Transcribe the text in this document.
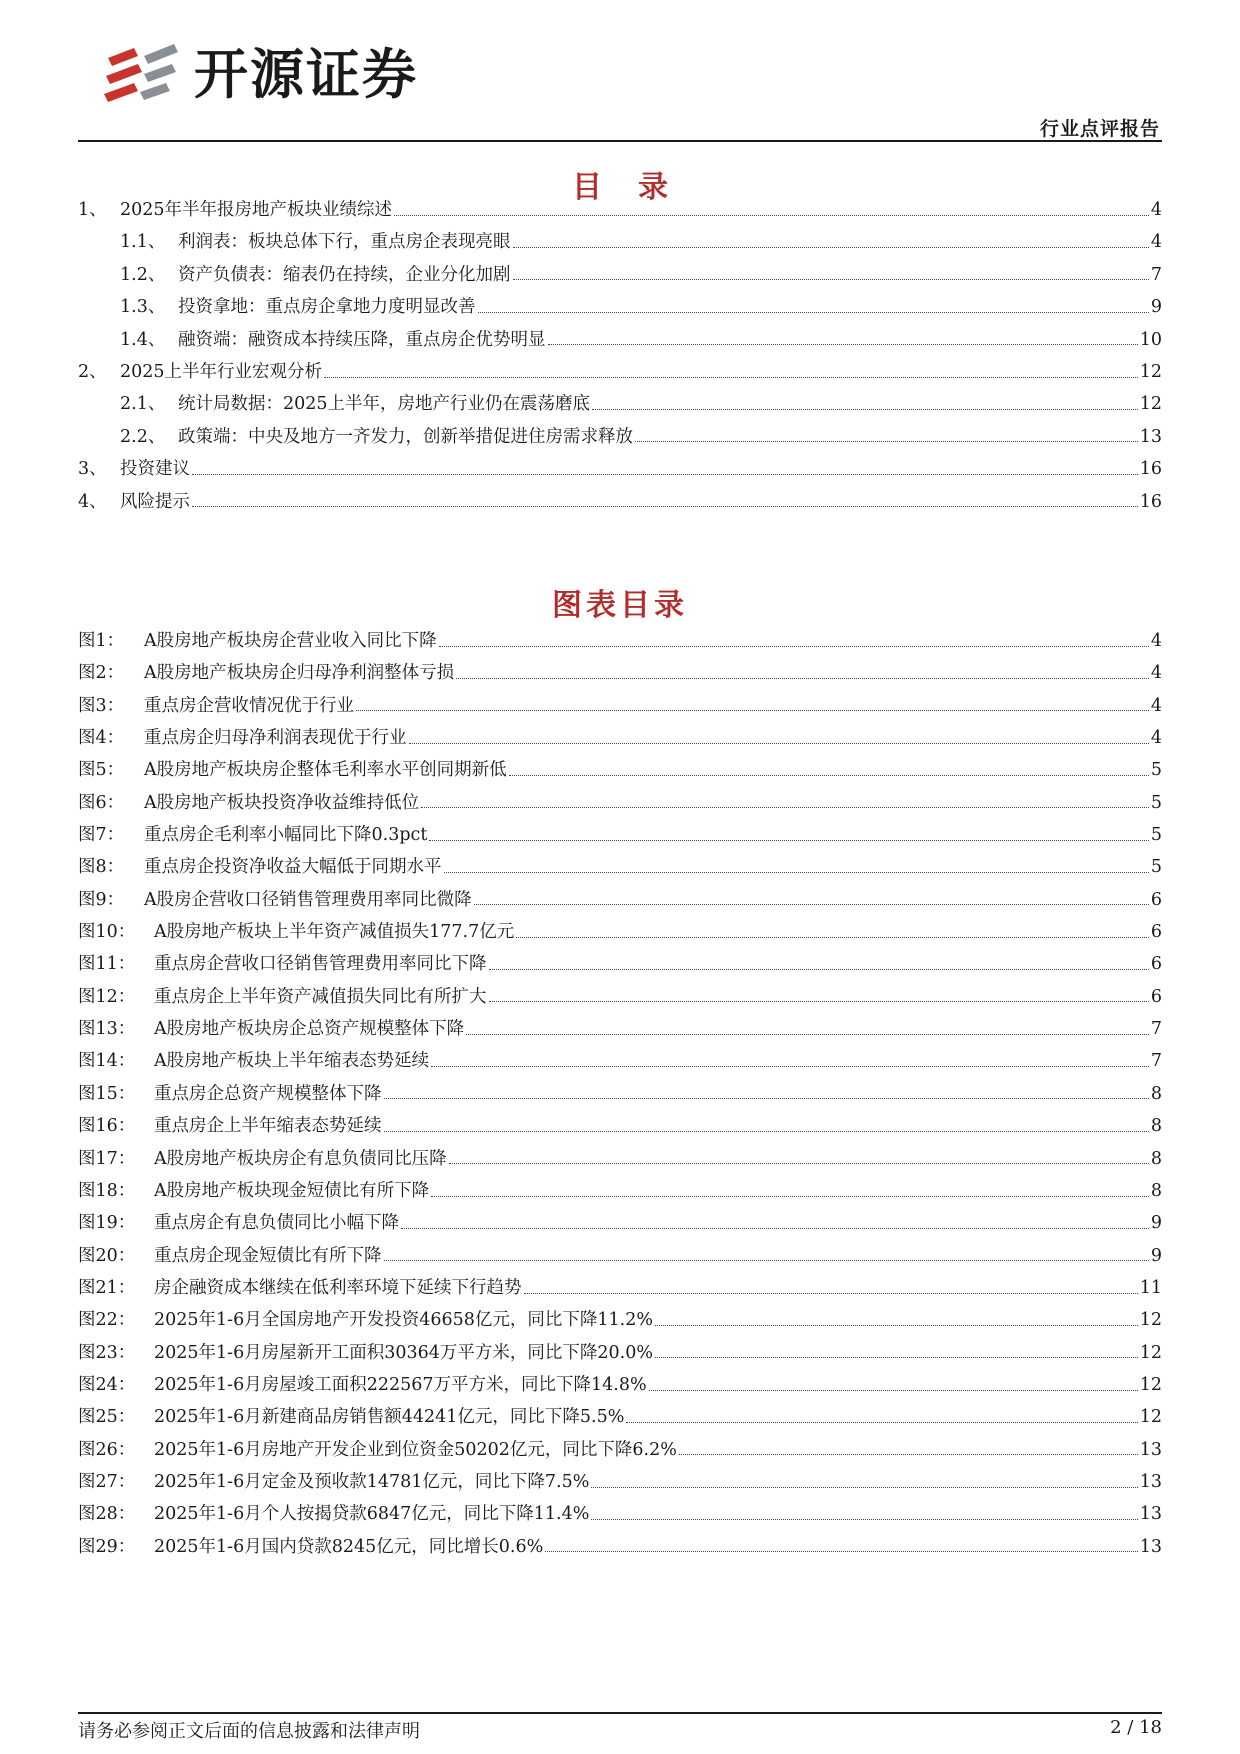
开源证券
行业点评报告
目录
1、 2025年半年报房地产板块业绩综述	4
1.1、 利润表：板块总体下行，重点房企表现亮眼	4
1.2、 资产负债表：缩表仍在持续，企业分化加剧	7
1.3、 投资拿地：重点房企拿地力度明显改善	9
1.4、 融资端：融资成本持续压降，重点房企优势明显	10
2、 2025上半年行业宏观分析	12
2.1、 统计局数据：2025上半年，房地产行业仍在震荡磨底	12
2.2、 政策端：中央及地方一齐发力，创新举措促进住房需求释放	13
3、 投资建议	16
4、 风险提示	16
图表目录
图1：	A股房地产板块房企营业收入同比下降	4
图2：	A股房地产板块房企归母净利润整体亏损	4
图3：	重点房企营收情况优于行业	4
图4：	重点房企归母净利润表现优于行业	4
图5：	A股房地产板块房企整体毛利率水平创同期新低	5
图6：	A股房地产板块投资净收益维持低位	5
图7：	重点房企毛利率小幅同比下降0.3pct	5
图8：	重点房企投资净收益大幅低于同期水平	5
图9：	A股房企营收口径销售管理费用率同比微降	6
图10：	A股房地产板块上半年资产减值损失177.7亿元	6
图11：	重点房企营收口径销售管理费用率同比下降	6
图12：	重点房企上半年资产减值损失同比有所扩大	6
图13：	A股房地产板块房企总资产规模整体下降	7
图14：	A股房地产板块上半年缩表态势延续	7
图15：	重点房企总资产规模整体下降	8
图16：	重点房企上半年缩表态势延续	8
图17：	A股房地产板块房企有息负债同比压降	8
图18：	A股房地产板块现金短债比有所下降	8
图19：	重点房企有息负债同比小幅下降	9
图20：	重点房企现金短债比有所下降	9
图21：	房企融资成本继续在低利率环境下延续下行趋势	11
图22：	2025年1-6月全国房地产开发投资46658亿元，同比下降11.2%	12
图23：	2025年1-6月房屋新开工面积30364万平方米，同比下降20.0%	12
图24：	2025年1-6月房屋竣工面积222567万平方米，同比下降14.8%	12
图25：	2025年1-6月新建商品房销售额44241亿元，同比下降5.5%	12
图26：	2025年1-6月房地产开发企业到位资金50202亿元，同比下降6.2%	13
图27：	2025年1-6月定金及预收款14781亿元，同比下降7.5%	13
图28：	2025年1-6月个人按揭贷款6847亿元，同比下降11.4%	13
图29：	2025年1-6月国内贷款8245亿元，同比增长0.6%	13
请务必参阅正文后面的信息披露和法律声明	2 / 18
